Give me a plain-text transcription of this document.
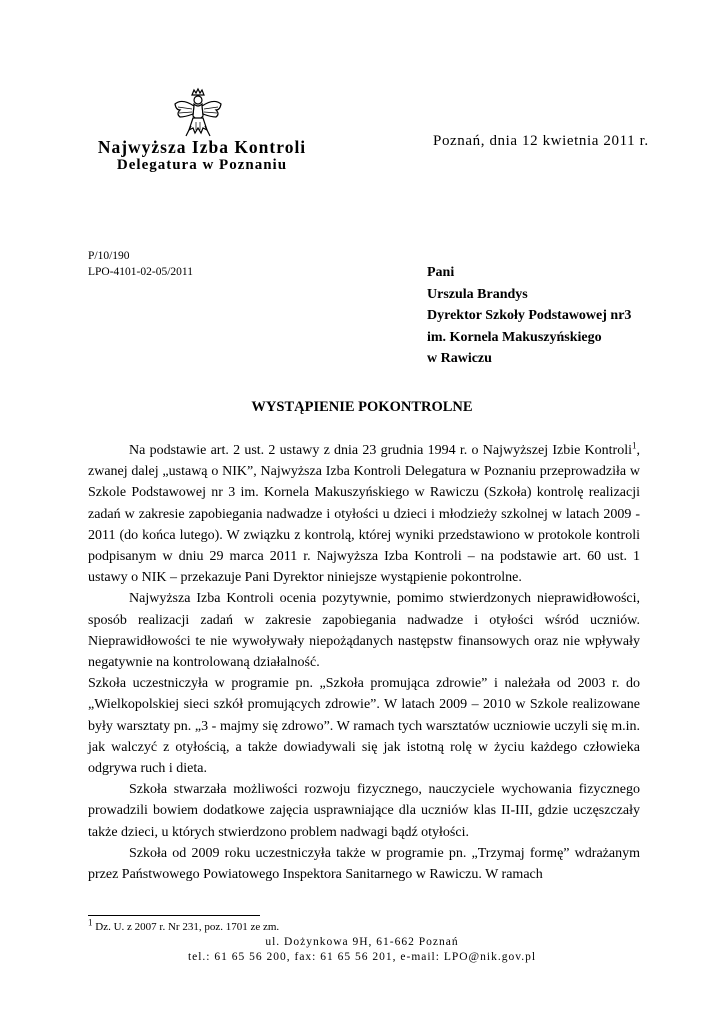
Najwyższa Izba Kontroli
Delegatura w Poznaniu
Poznań, dnia 12 kwietnia 2011 r.
P/10/190
LPO-4101-02-05/2011	Pani
Urszula Brandys
Dyrektor Szkoły Podstawowej nr3
im. Kornela Makuszyńskiego
w Rawiczu
WYSTĄPIENIE POKONTROLNE

Na podstawie art. 2 ust. 2 ustawy z dnia 23 grudnia 1994 r. o Najwyższej Izbie Kontroli$^1$, zwanej dalej „ustawą o NIK”, Najwyższa Izba Kontroli Delegatura w Poznaniu przeprowadziła w Szkole Podstawowej nr 3 im. Kornela Makuszyńskiego w Rawiczu (Szkoła) kontrolę realizacji zadań w zakresie zapobiegania nadwadze i otyłości u dzieci i młodzieży szkolnej w latach 2009 - 2011 (do końca lutego). W związku z kontrolą, której wyniki przedstawiono w protokole kontroli podpisanym w dniu 29 marca 2011 r. Najwyższa Izba Kontroli – na podstawie art. 60 ust. 1 ustawy o NIK – przekazuje Pani Dyrektor niniejsze wystąpienie pokontrolne.

Najwyższa Izba Kontroli ocenia pozytywnie, pomimo stwierdzonych nieprawidłowości, sposób realizacji zadań w zakresie zapobiegania nadwadze i otyłości wśród uczniów. Nieprawidłowości te nie wywoływały niepożądanych następstw finansowych oraz nie wpływały negatywnie na kontrolowaną działalność.

Szkoła uczestniczyła w programie pn. „Szkoła promująca zdrowie” i należała od 2003 r. do „Wielkopolskiej sieci szkół promujących zdrowie”. W latach 2009 – 2010 w Szkole realizowane były warsztaty pn. „3 - majmy się zdrowo”. W ramach tych warsztatów uczniowie uczyli się m.in. jak walczyć z otyłością, a także dowiadywali się jak istotną rolę w życiu każdego człowieka odgrywa ruch i dieta.

Szkoła stwarzała możliwości rozwoju fizycznego, nauczyciele wychowania fizycznego prowadzili bowiem dodatkowe zajęcia usprawniające dla uczniów klas II-III, gdzie uczęszczały także dzieci, u których stwierdzono problem nadwagi bądź otyłości.

Szkoła od 2009 roku uczestniczyła także w programie pn. „Trzymaj formę” wdrażanym przez Państwowego Powiatowego Inspektora Sanitarnego w Rawiczu. W ramach

$^1$ Dz. U. z 2007 r. Nr 231, poz. 1701 ze zm.
ul. Dożynkowa 9H, 61-662 Poznań
tel.: 61 65 56 200, fax: 61 65 56 201, e-mail: LPO@nik.gov.pl
